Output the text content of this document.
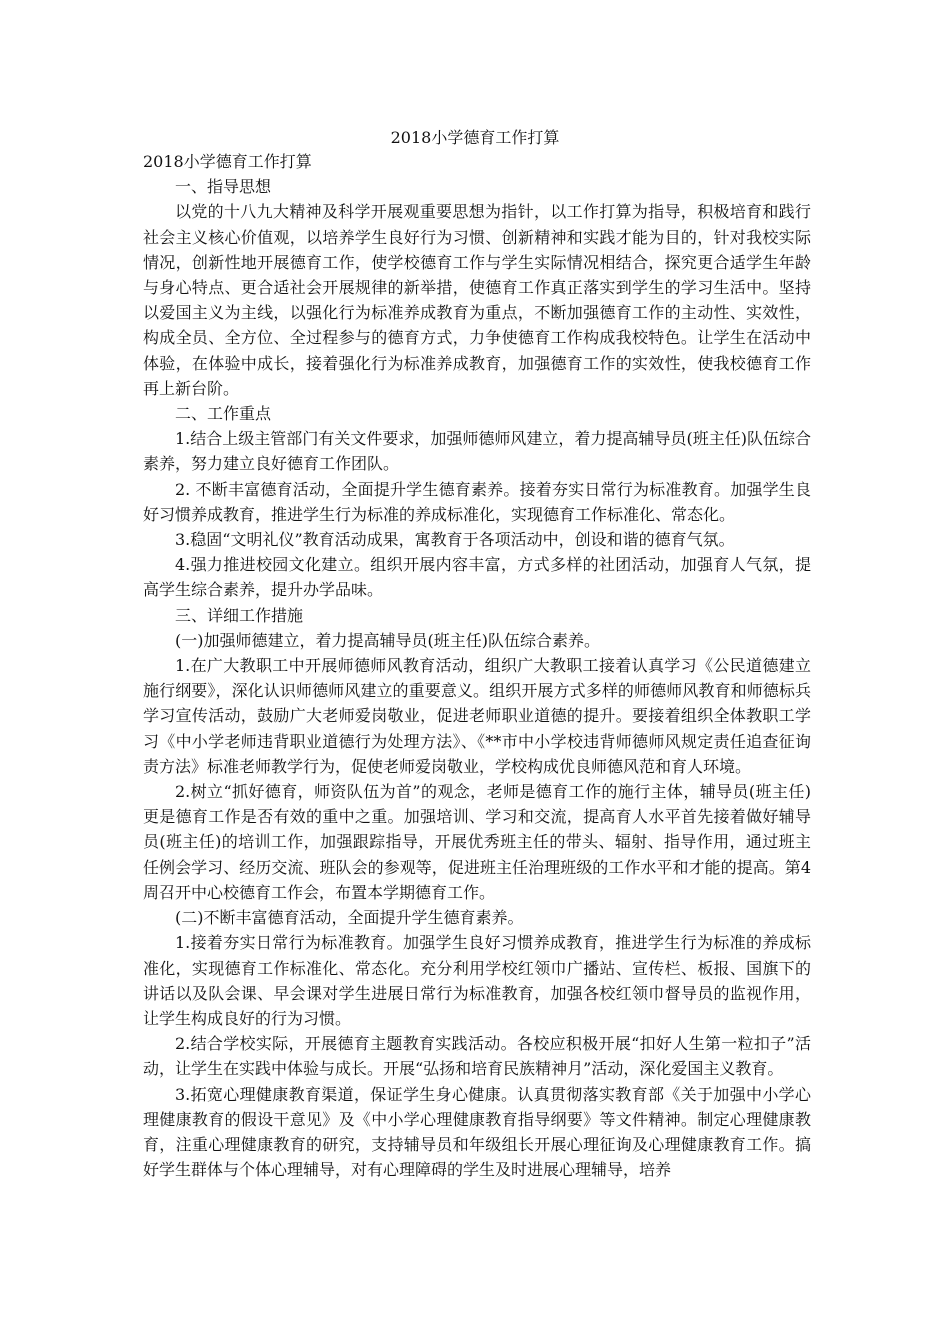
2018小学德育工作打算

2018小学德育工作打算

一、指导思想

以党的十八九大精神及科学开展观重要思想为指针，以工作打算为指导，积极培育和践行社会主义核心价值观，以培养学生良好行为习惯、创新精神和实践才能为目的，针对我校实际情况，创新性地开展德育工作，使学校德育工作与学生实际情况相结合，探究更合适学生年龄与身心特点、更合适社会开展规律的新举措，使德育工作真正落实到学生的学习生活中。坚持以爱国主义为主线，以强化行为标准养成教育为重点，不断加强德育工作的主动性、实效性，构成全员、全方位、全过程参与的德育方式，力争使德育工作构成我校特色。让学生在活动中体验，在体验中成长，接着强化行为标准养成教育，加强德育工作的实效性，使我校德育工作再上新台阶。

二、工作重点

1.结合上级主管部门有关文件要求，加强师德师风建立，着力提高辅导员(班主任)队伍综合素养，努力建立良好德育工作团队。

2. 不断丰富德育活动，全面提升学生德育素养。接着夯实日常行为标准教育。加强学生良好习惯养成教育，推进学生行为标准的养成标准化，实现德育工作标准化、常态化。

3.稳固“文明礼仪”教育活动成果，寓教育于各项活动中，创设和谐的德育气氛。

4.强力推进校园文化建立。组织开展内容丰富，方式多样的社团活动，加强育人气氛，提高学生综合素养，提升办学品味。

三、详细工作措施

(一)加强师德建立，着力提高辅导员(班主任)队伍综合素养。

1.在广大教职工中开展师德师风教育活动，组织广大教职工接着认真学习《公民道德建立施行纲要》，深化认识师德师风建立的重要意义。组织开展方式多样的师德师风教育和师德标兵学习宣传活动，鼓励广大老师爱岗敬业，促进老师职业道德的提升。要接着组织全体教职工学习《中小学老师违背职业道德行为处理方法》、《**市中小学校违背师德师风规定责任追查征询责方法》标准老师教学行为，促使老师爱岗敬业，学校构成优良师德风范和育人环境。

2.树立“抓好德育，师资队伍为首”的观念，老师是德育工作的施行主体，辅导员(班主任)更是德育工作是否有效的重中之重。加强培训、学习和交流，提高育人水平首先接着做好辅导员(班主任)的培训工作，加强跟踪指导，开展优秀班主任的带头、辐射、指导作用，通过班主任例会学习、经历交流、班队会的参观等，促进班主任治理班级的工作水平和才能的提高。第4周召开中心校德育工作会，布置本学期德育工作。

(二)不断丰富德育活动，全面提升学生德育素养。

1.接着夯实日常行为标准教育。加强学生良好习惯养成教育，推进学生行为标准的养成标准化，实现德育工作标准化、常态化。充分利用学校红领巾广播站、宣传栏、板报、国旗下的讲话以及队会课、早会课对学生进展日常行为标准教育，加强各校红领巾督导员的监视作用，让学生构成良好的行为习惯。

2.结合学校实际，开展德育主题教育实践活动。各校应积极开展“扣好人生第一粒扣子”活动，让学生在实践中体验与成长。开展“弘扬和培育民族精神月”活动，深化爱国主义教育。

3.拓宽心理健康教育渠道，保证学生身心健康。认真贯彻落实教育部《关于加强中小学心理健康教育的假设干意见》及《中小学心理健康教育指导纲要》等文件精神。制定心理健康教育，注重心理健康教育的研究，支持辅导员和年级组长开展心理征询及心理健康教育工作。搞好学生群体与个体心理辅导，对有心理障碍的学生及时进展心理辅导，培养
